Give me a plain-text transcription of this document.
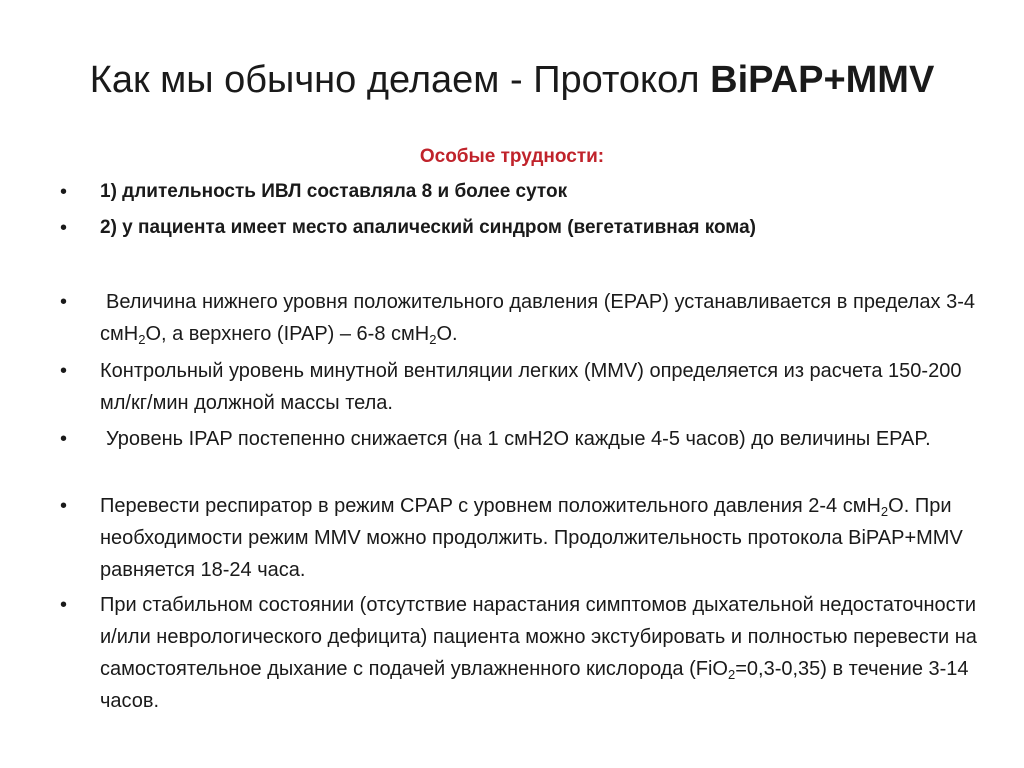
Как мы обычно делаем - Протокол BiPAP+MMV
Особые трудности:
•	1) длительность ИВЛ составляла 8 и более суток
•	2) у пациента имеет место апалический синдром (вегетативная кома)
•	Величина нижнего уровня положительного давления (EPAP) устанавливается в пределах 3-4 смН$_2$О, а верхнего (IPAP) – 6-8 смН$_2$О.
•	Контрольный уровень минутной вентиляции легких (MMV) определяется из расчета 150-200 мл/кг/мин должной массы тела.
•	Уровень IPAP постепенно снижается (на 1 смН2О каждые 4-5 часов) до величины EPAP.
•	Перевести респиратор в режим CPAP с уровнем положительного давления 2-4 смН$_2$О. При необходимости режим MMV можно продолжить. Продолжительность протокола BiPAP+MMV равняется 18-24 часа.
•	При стабильном состоянии (отсутствие нарастания симптомов дыхательной недостаточности и/или неврологического дефицита) пациента можно экстубировать и полностью перевести на самостоятельное дыхание с подачей увлажненного кислорода (FiO$_2$=0,3-0,35) в течение 3-14 часов.
